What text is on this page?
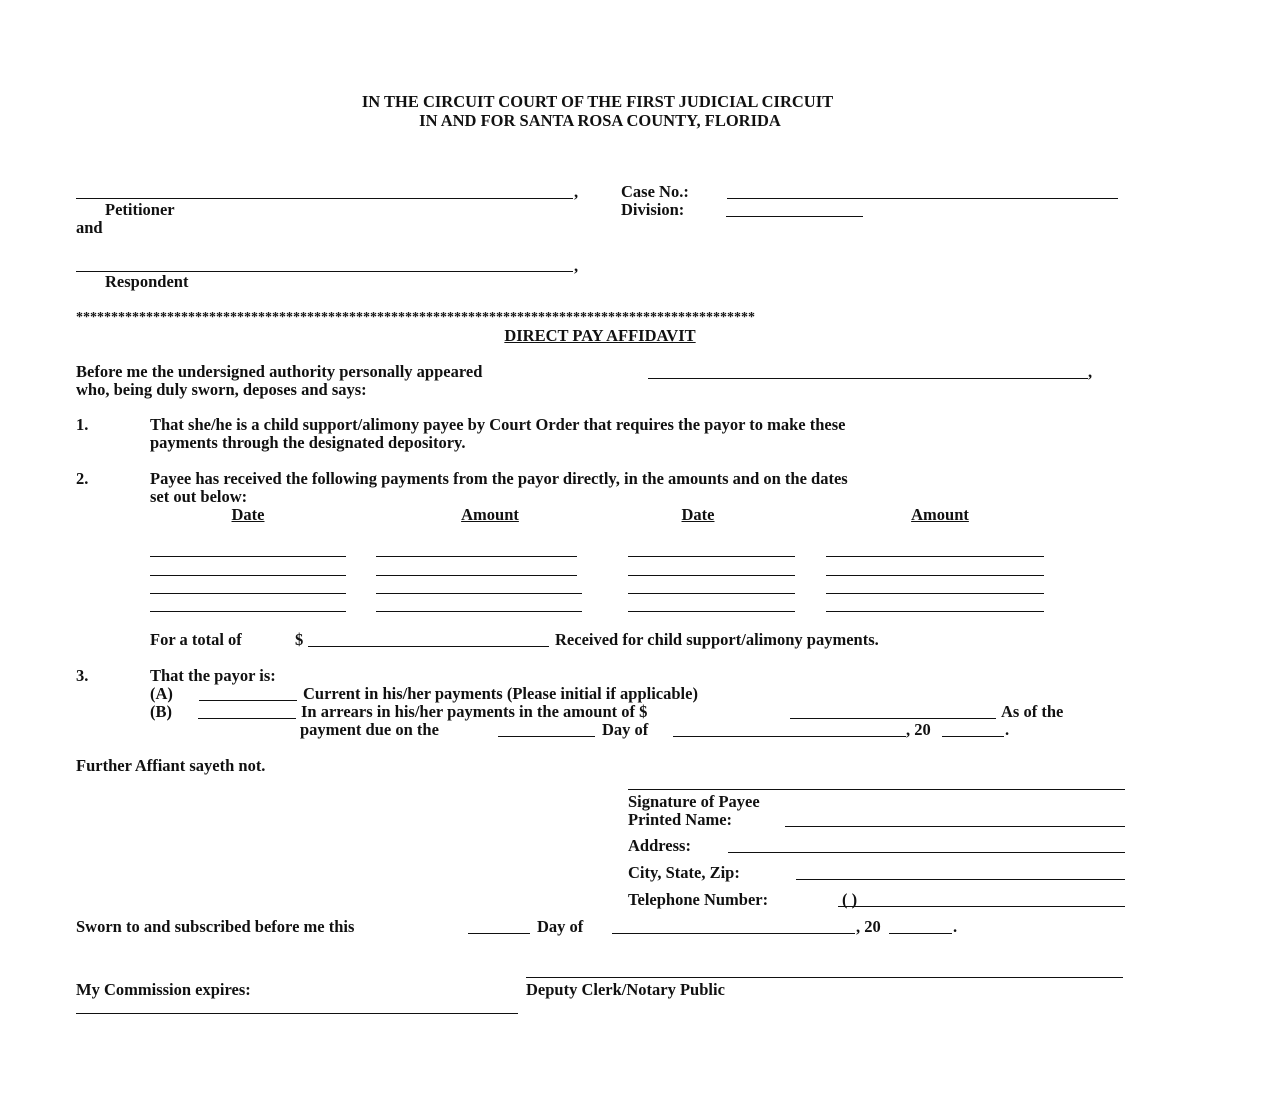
IN THE CIRCUIT COURT OF THE FIRST JUDICIAL CIRCUIT
IN AND FOR SANTA ROSA COUNTY, FLORIDA
,
Petitioner
and
,
Respondent
Case No.:
Division:
*************************************************************************************************
DIRECT PAY AFFIDAVIT
Before me the undersigned authority personally appeared	,
who, being duly sworn, deposes and says:
1.	That she/he is a child support/alimony payee by Court Order that requires the payor to make these
payments through the designated depository.
2.	Payee has received the following payments from the payor directly, in the amounts and on the dates
set out below:
Date	Amount	Date	Amount
For a total of	$	Received for child support/alimony payments.
3.	That the payor is:
(A)	Current in his/her payments (Please initial if applicable)
(B)	In arrears in his/her payments in the amount of $	As of the
payment due on the	Day of	, 20	.
Further Affiant sayeth not.
Signature of Payee
Printed Name:
Address:
City, State, Zip:
Telephone Number:	( )
Sworn to and subscribed before me this	Day of	, 20	.
My Commission expires:	Deputy Clerk/Notary Public
